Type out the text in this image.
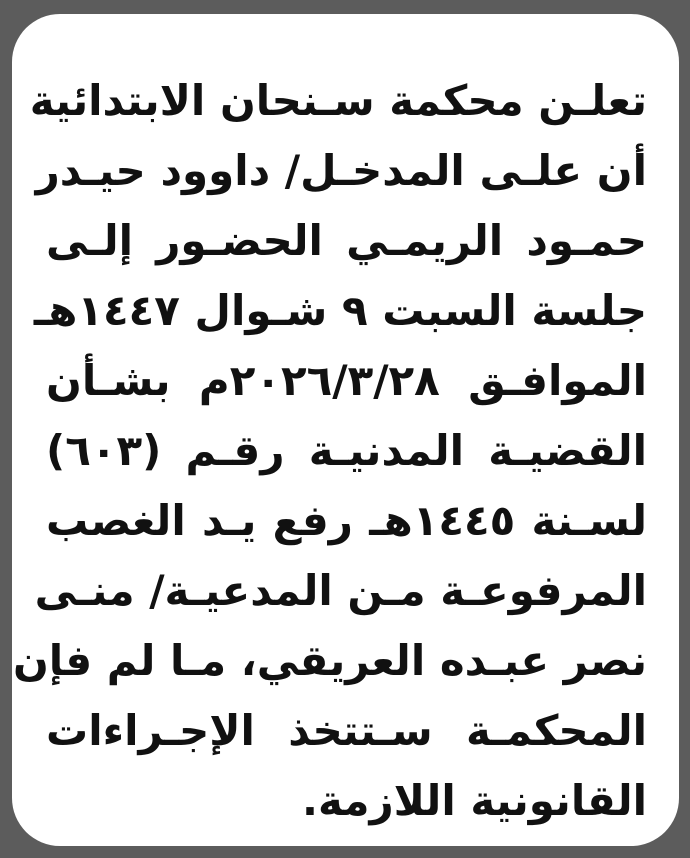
تعلـن محكمة سـنحان الابتدائية
أن علـى المدخـل/ داوود حيـدر
حمـود الريمـي الحضـور إلـى
جلسة السبت ٩ شـوال ١٤٤٧هـ
الموافـق ٢٠٢٦/٣/٢٨م بشـأن
القضيـة المدنيـة رقـم (٦٠٣)
لسـنة ١٤٤٥هـ رفع يـد الغصب
المرفوعـة مـن المدعيـة/ منـى
نصر عبـده العريقي، مـا لم فإن
المحكمـة سـتتخذ الإجـراءات
القانونية اللازمة.
